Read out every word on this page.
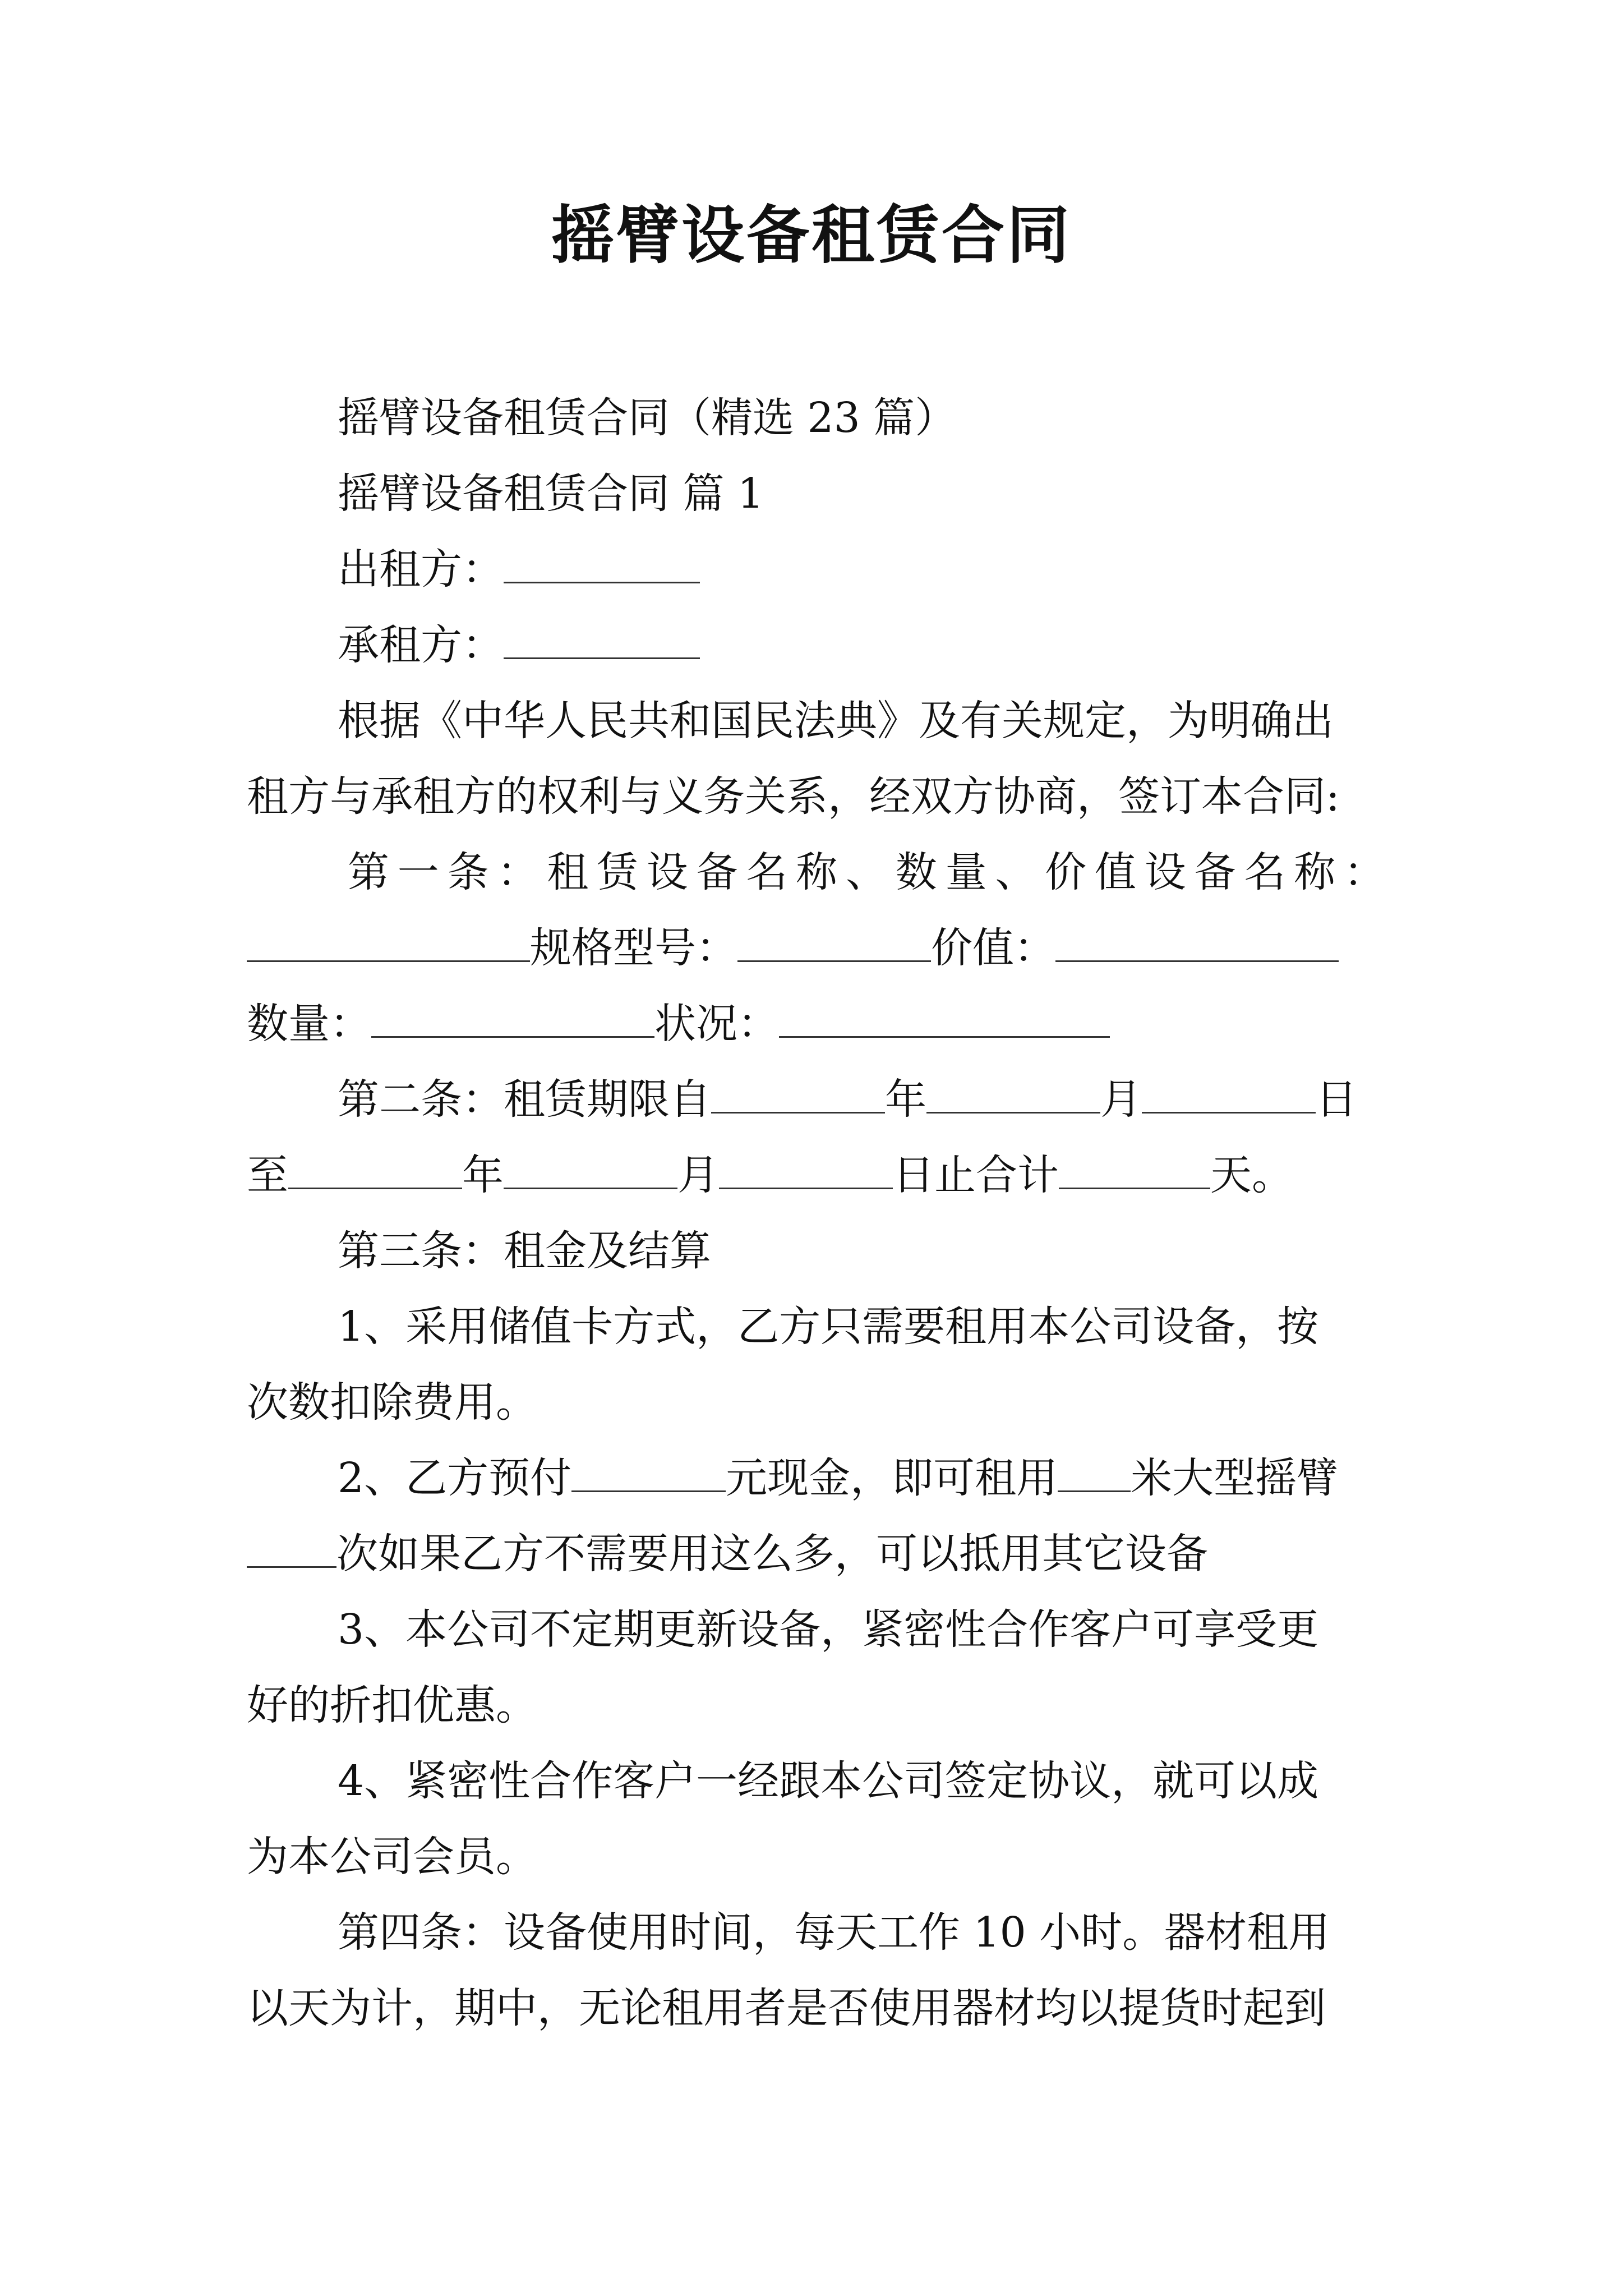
摇臂设备租赁合同
摇臂设备租赁合同（精选 23 篇）
摇臂设备租赁合同 篇 1
出租方：
承租方：
根据《中华人民共和国民法典》及有关规定，为明确出
租方与承租方的权利与义务关系，经双方协商，签订本合同:
第一条：租赁设备名称、数量、价值设备名称：
规格型号：	价值：
数量：	状况：
第二条：租赁期限自	年	月	日
至	年	月	日止合计	天。
第三条：租金及结算
1、采用储值卡方式，乙方只需要租用本公司设备，按
次数扣除费用。
2、乙方预付	元现金，即可租用 米大型摇臂
次如果乙方不需要用这么多，可以抵用其它设备
3、本公司不定期更新设备，紧密性合作客户可享受更
好的折扣优惠。
4、紧密性合作客户一经跟本公司签定协议，就可以成
为本公司会员。
第四条：设备使用时间，每天工作 10 小时。器材租用
以天为计，期中，无论租用者是否使用器材均以提货时起到
